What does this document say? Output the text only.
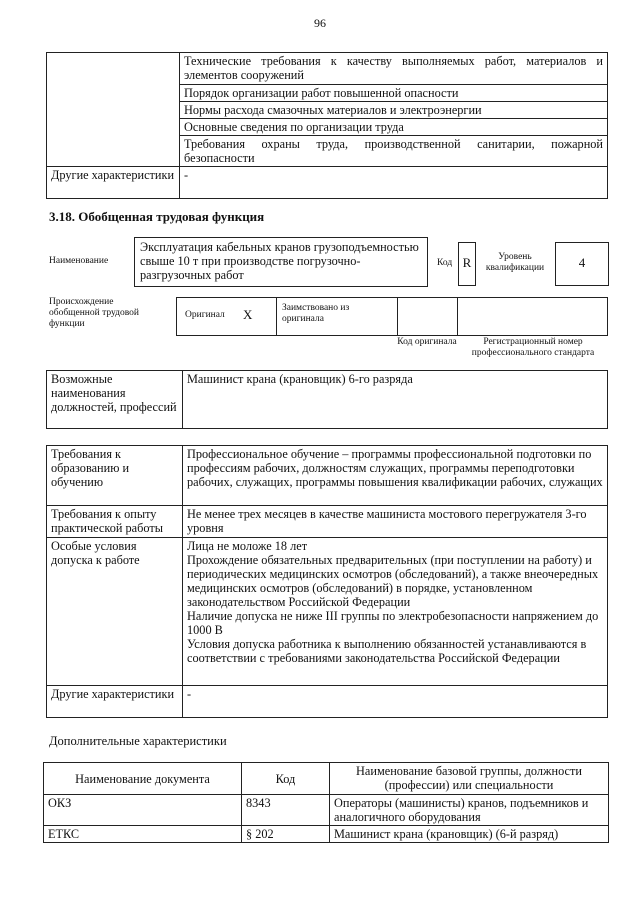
96
	Технические требования к качеству выполняемых работ, материалов и элементов сооружений
	Порядок организации работ повышенной опасности
	Нормы расхода смазочных материалов и электроэнергии
	Основные сведения по организации труда
	Требования охраны труда, производственной санитарии, пожарной безопасности
Другие характеристики	-
3.18. Обобщенная трудовая функция
Наименование
Эксплуатация кабельных кранов грузоподъемностью свыше 10 т при производстве погрузочно-разгрузочных работ
Код R	Уровень квалификации	4
Происхождение обобщенной трудовой функции
Оригинал X	Заимствовано из оригинала
Код оригинала	Регистрационный номер профессионального стандарта
Возможные наименования должностей, профессий	Машинист крана (крановщик) 6-го разряда
Требования к образованию и обучению	Профессиональное обучение – программы профессиональной подготовки по профессиям рабочих, должностям служащих, программы переподготовки рабочих, служащих, программы повышения квалификации рабочих, служащих
Требования к опыту практической работы	Не менее трех месяцев в качестве машиниста мостового перегружателя 3-го уровня
Особые условия допуска к работе	Лица не моложе 18 лет
Прохождение обязательных предварительных (при поступлении на работу) и периодических медицинских осмотров (обследований), а также внеочередных медицинских осмотров (обследований) в порядке, установленном законодательством Российской Федерации
Наличие допуска не ниже III группы по электробезопасности напряжением до 1000 В
Условия допуска работника к выполнению обязанностей устанавливаются в соответствии с требованиями законодательства Российской Федерации

Другие характеристики	-
Дополнительные характеристики
Наименование документа	Код	Наименование базовой группы, должности (профессии) или специальности
ОКЗ	8343	Операторы (машинисты) кранов, подъемников и аналогичного оборудования
ЕТКС	§ 202	Машинист крана (крановщик) (6-й разряд)
